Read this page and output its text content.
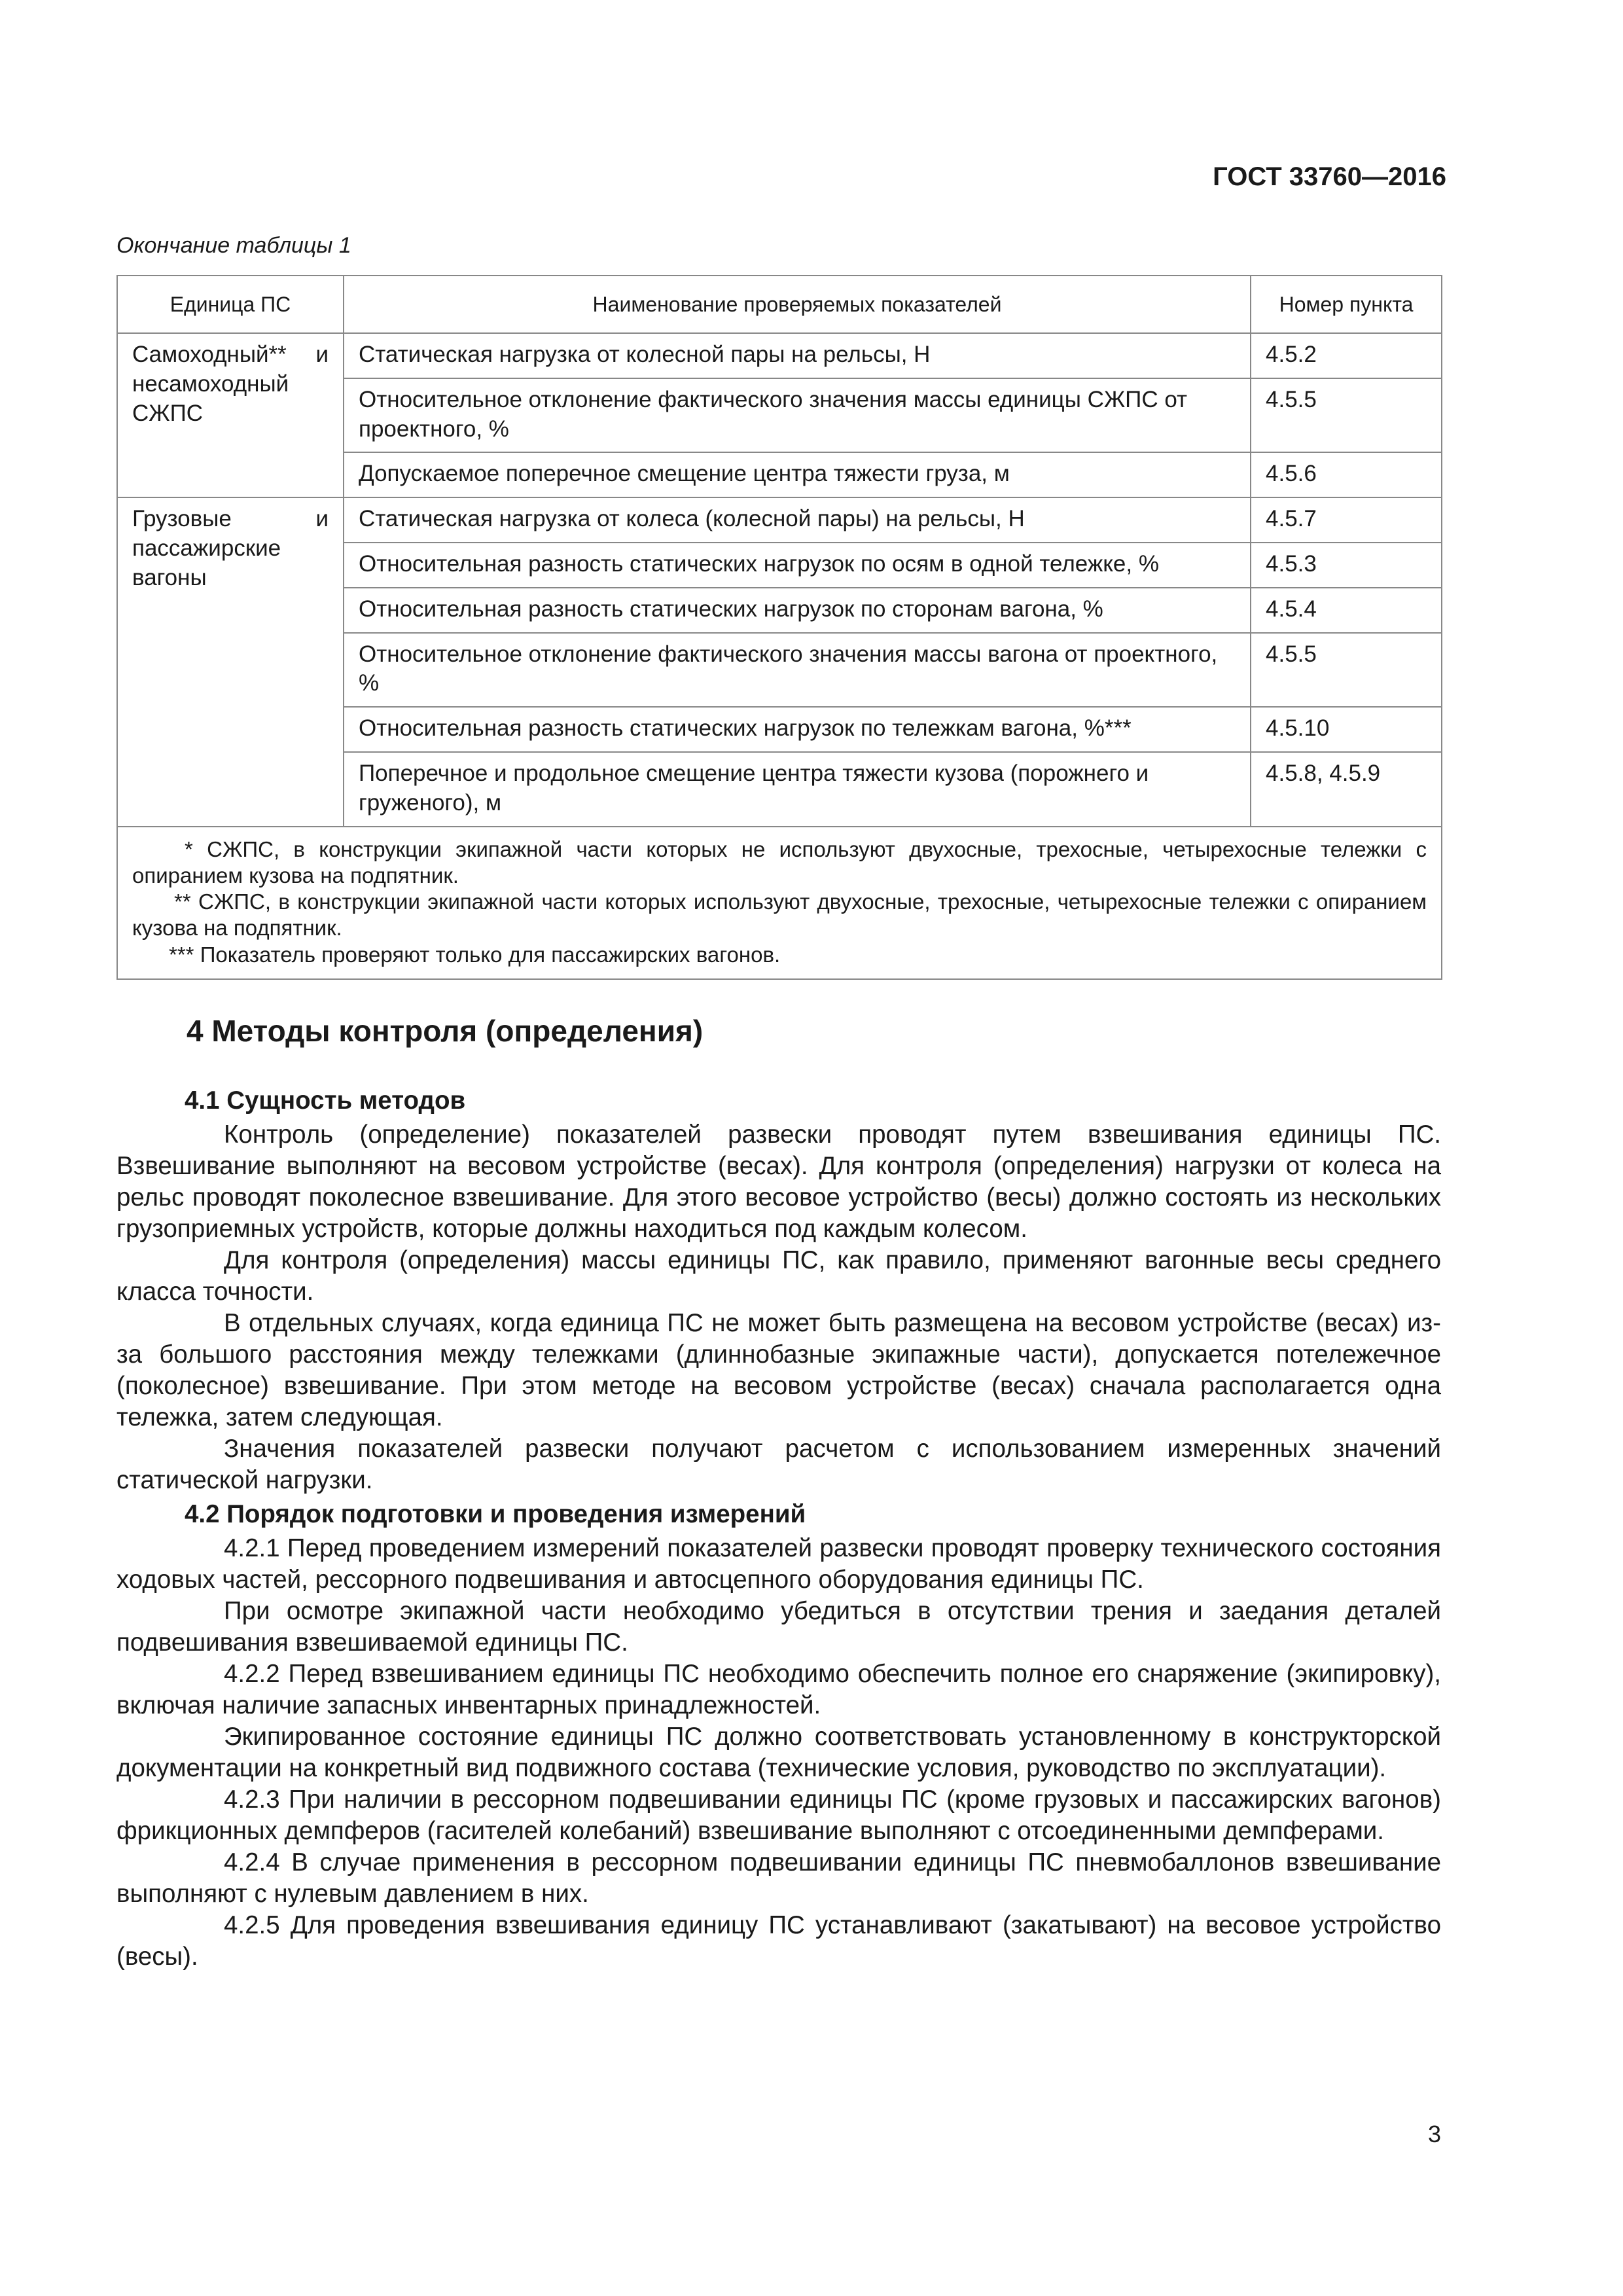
ГОСТ 33760—2016
Окончание таблицы 1
Единица ПС	Наименование проверяемых показателей	Номер пункта
Самоходный** и несамоходный СЖПС	Статическая нагрузка от колесной пары на рельсы, Н	4.5.2
	Относительное отклонение фактического значения массы единицы СЖПС от проектного, %	4.5.5
	Допускаемое поперечное смещение центра тяжести груза, м	4.5.6
Грузовые и пассажирские вагоны	Статическая нагрузка от колеса (колесной пары) на рельсы, Н	4.5.7
	Относительная разность статических нагрузок по осям в одной тележке, %	4.5.3
	Относительная разность статических нагрузок по сторонам вагона, %	4.5.4
	Относительное отклонение фактического значения массы вагона от проектного, %	4.5.5
	Относительная разность статических нагрузок по тележкам вагона, %***	4.5.10
	Поперечное и продольное смещение центра тяжести кузова (порожнего и груженого), м	4.5.8, 4.5.9

* СЖПС, в конструкции экипажной части которых не используют двухосные, трехосные, четырехосные тележки с опиранием кузова на подпятник.

** СЖПС, в конструкции экипажной части которых используют двухосные, трехосные, четырехосные тележки с опиранием кузова на подпятник.

*** Показатель проверяют только для пассажирских вагонов.		

4 Методы контроля (определения)
4.1 Сущность методов

Контроль (определение) показателей развески проводят путем взвешивания единицы ПС. Взвешивание выполняют на весовом устройстве (весах). Для контроля (определения) нагрузки от колеса на рельс проводят поколесное взвешивание. Для этого весовое устройство (весы) должно состоять из нескольких грузоприемных устройств, которые должны находиться под каждым колесом.

Для контроля (определения) массы единицы ПС, как правило, применяют вагонные весы среднего класса точности.

В отдельных случаях, когда единица ПС не может быть размещена на весовом устройстве (весах) из-за большого расстояния между тележками (длиннобазные экипажные части), допускается потележечное (поколесное) взвешивание. При этом методе на весовом устройстве (весах) сначала располагается одна тележка, затем следующая.

Значения показателей развески получают расчетом с использованием измеренных значений статической нагрузки.

4.2 Порядок подготовки и проведения измерений

4.2.1 Перед проведением измерений показателей развески проводят проверку технического состояния ходовых частей, рессорного подвешивания и автосцепного оборудования единицы ПС.

При осмотре экипажной части необходимо убедиться в отсутствии трения и заедания деталей подвешивания взвешиваемой единицы ПС.

4.2.2 Перед взвешиванием единицы ПС необходимо обеспечить полное его снаряжение (экипировку), включая наличие запасных инвентарных принадлежностей.

Экипированное состояние единицы ПС должно соответствовать установленному в конструкторской документации на конкретный вид подвижного состава (технические условия, руководство по эксплуатации).

4.2.3 При наличии в рессорном подвешивании единицы ПС (кроме грузовых и пассажирских вагонов) фрикционных демпферов (гасителей колебаний) взвешивание выполняют с отсоединенными демпферами.

4.2.4 В случае применения в рессорном подвешивании единицы ПС пневмобаллонов взвешивание выполняют с нулевым давлением в них.

4.2.5 Для проведения взвешивания единицу ПС устанавливают (закатывают) на весовое устройство (весы).

3
